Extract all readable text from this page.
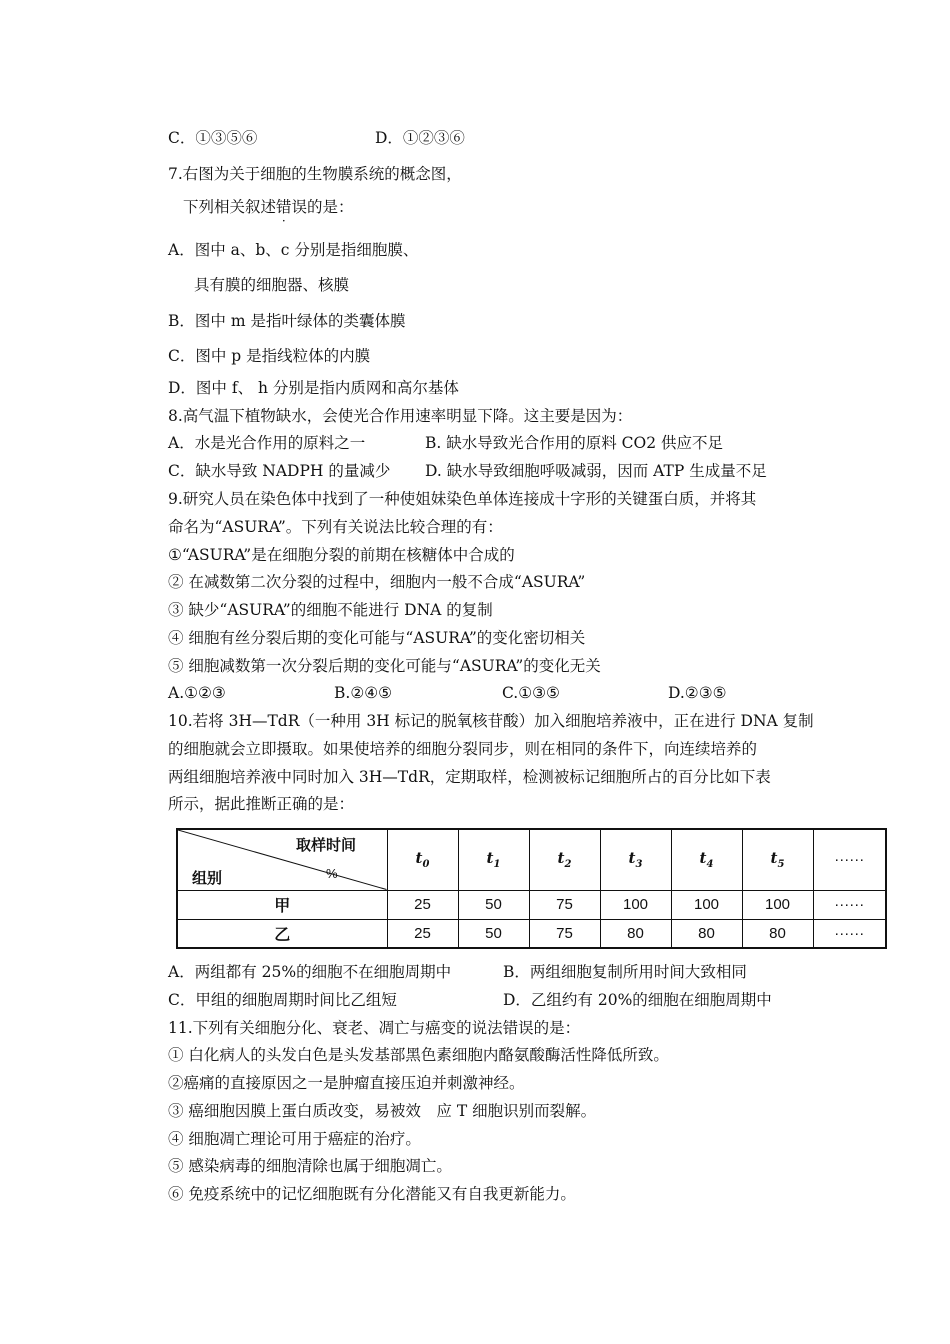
C．①③⑤⑥	D．①②③⑥
7.右图为关于细胞的生物膜系统的概念图，
下列相关叙述错
·
误的是：
A．图中 a、b、c 分别是指细胞膜、
具有膜的细胞器、核膜
B．图中 m 是指叶绿体的类囊体膜
C．图中 p 是指线粒体的内膜
D．图中 f、 h 分别是指内质网和高尔基体
8.高气温下植物缺水，会使光合作用速率明显下降。这主要是因为：
A．水是光合作用的原料之一	B. 缺水导致光合作用的原料 CO2 供应不足
C．缺水导致 NADPH 的量减少 D. 缺水导致细胞呼吸减弱，因而 ATP 生成量不足
9.研究人员在染色体中找到了一种使姐妹染色单体连接成十字形的关键蛋白质，并将其
命名为“ASURA”。下列有关说法比较合理的有：
①“ASURA”是在细胞分裂的前期在核糖体中合成的
② 在减数第二次分裂的过程中，细胞内一般不合成“ASURA”
③ 缺少“ASURA”的细胞不能进行 DNA 的复制
④ 细胞有丝分裂后期的变化可能与“ASURA”的变化密切相关
⑤ 细胞减数第一次分裂后期的变化可能与“ASURA”的变化无关
A.①②③	B.②④⑤	C.①③⑤	D.②③⑤
10.若将 3H—TdR（一种用 3H 标记的脱氧核苷酸）加入细胞培养液中，正在进行 DNA 复制
的细胞就会立即摄取。如果使培养的细胞分裂同步，则在相同的条件下，向连续培养的
两组细胞培养液中同时加入 3H—TdR，定期取样，检测被标记细胞所占的百分比如下表
所示，据此推断正确的是：
取样时间
组别 %	$t_0$	$t_1$	$t_2$	$t_3$	$t_4$	$t_5$	······
甲	25	50	75	100	100	100	······
乙	25	50	75	80	80	80	······
A．两组都有 25%的细胞不在细胞周期中	B．两组细胞复制所用时间大致相同
C．甲组的细胞周期时间比乙组短	D．乙组约有 20%的细胞在细胞周期中
11.下列有关细胞分化、衰老、凋亡与癌变的说法错误的是：
① 白化病人的头发白色是头发基部黑色素细胞内酪氨酸酶活性降低所致。
②癌痛的直接原因之一是肿瘤直接压迫并刺激神经。
③ 癌细胞因膜上蛋白质改变，易被效　应 T 细胞识别而裂解。
④ 细胞凋亡理论可用于癌症的治疗。
⑤ 感染病毒的细胞清除也属于细胞凋亡。
⑥ 免疫系统中的记忆细胞既有分化潜能又有自我更新能力。
